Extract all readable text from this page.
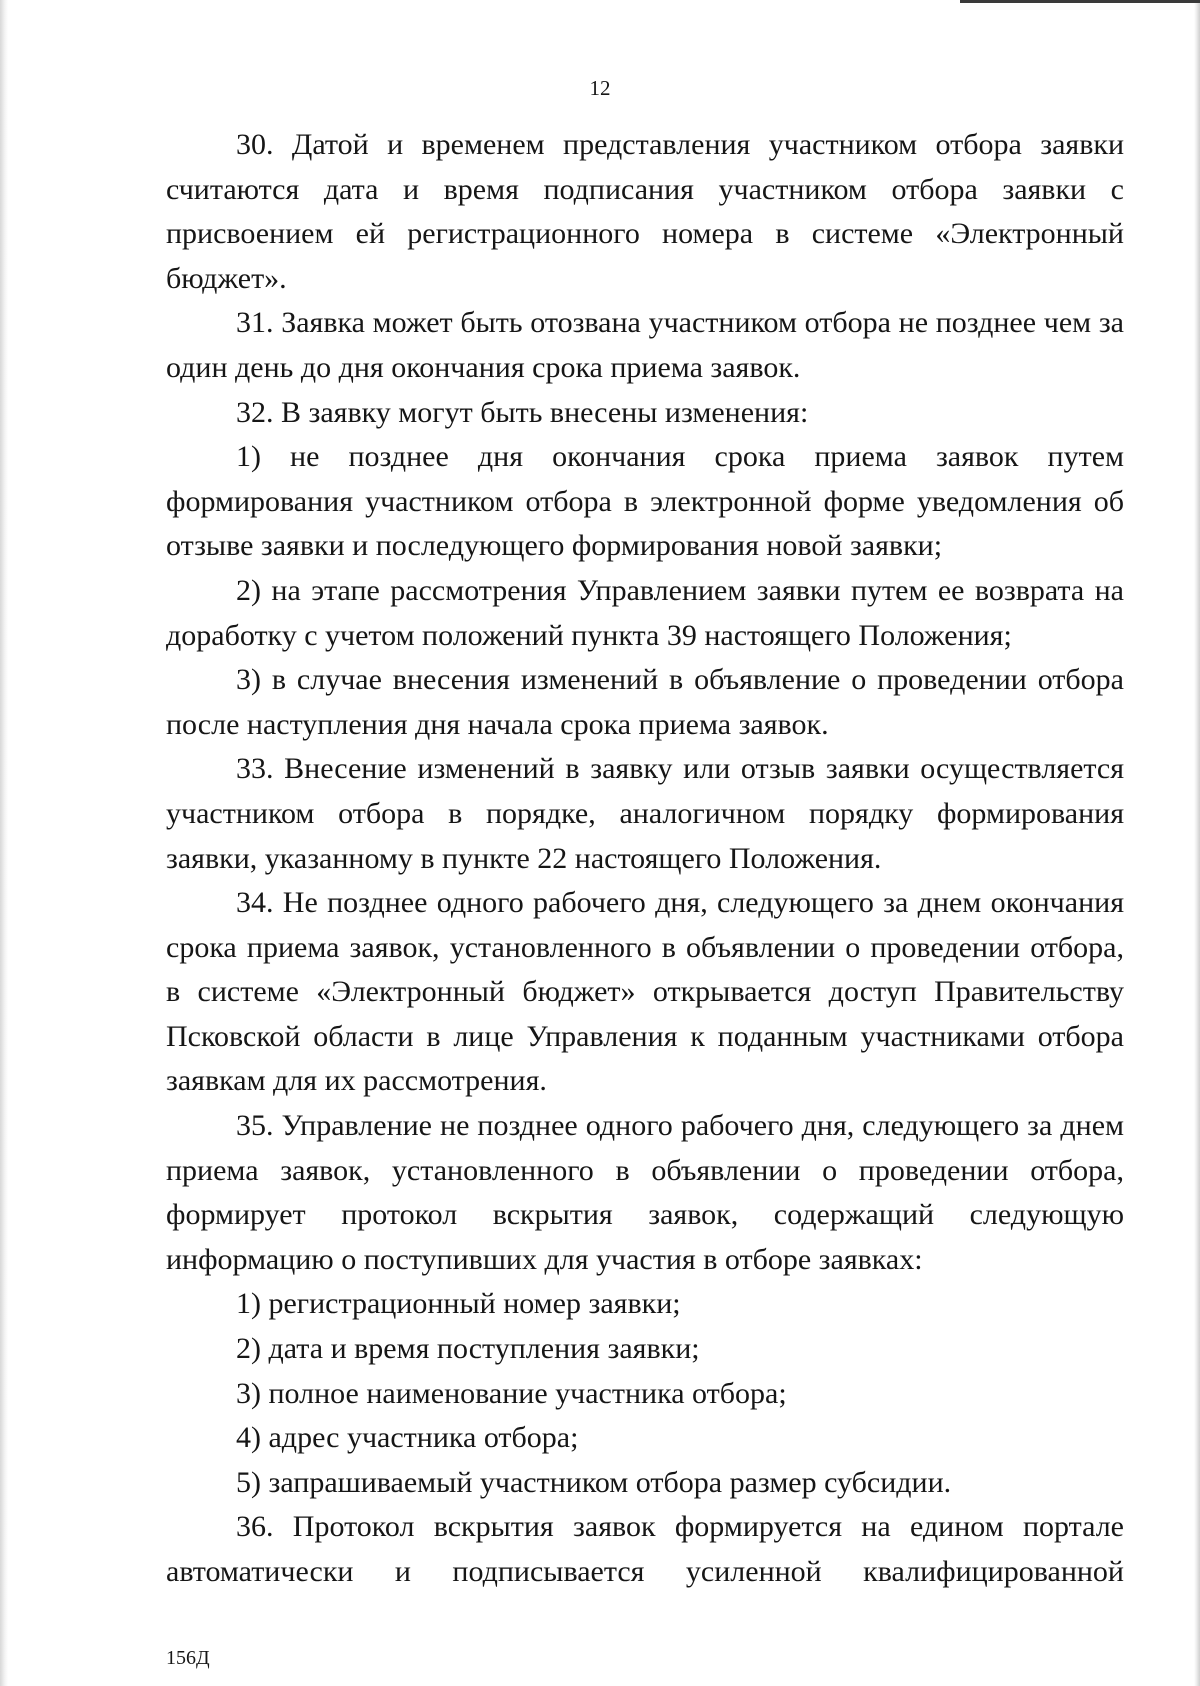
12

30. Датой и временем представления участником отбора заявки считаются дата и время подписания участником отбора заявки с присвоением ей регистрационного номера в системе «Электронный бюджет».

31. Заявка может быть отозвана участником отбора не позднее чем за один день до дня окончания срока приема заявок.

32. В заявку могут быть внесены изменения:

1) не позднее дня окончания срока приема заявок путем формирования участником отбора в электронной форме уведомления об отзыве заявки и последующего формирования новой заявки;

2) на этапе рассмотрения Управлением заявки путем ее возврата на доработку с учетом положений пункта 39 настоящего Положения;

3) в случае внесения изменений в объявление о проведении отбора после наступления дня начала срока приема заявок.

33. Внесение изменений в заявку или отзыв заявки осуществляется участником отбора в порядке, аналогичном порядку формирования заявки, указанному в пункте 22 настоящего Положения.

34. Не позднее одного рабочего дня, следующего за днем окончания срока приема заявок, установленного в объявлении о проведении отбора, в системе «Электронный бюджет» открывается доступ Правительству Псковской области в лице Управления к поданным участниками отбора заявкам для их рассмотрения.

35. Управление не позднее одного рабочего дня, следующего за днем приема заявок, установленного в объявлении о проведении отбора, формирует протокол вскрытия заявок, содержащий следующую информацию о поступивших для участия в отборе заявках:

1) регистрационный номер заявки;

2) дата и время поступления заявки;

3) полное наименование участника отбора;

4) адрес участника отбора;

5) запрашиваемый участником отбора размер субсидии.

36. Протокол вскрытия заявок формируется на едином портале автоматически и подписывается усиленной квалифицированной

156Д
